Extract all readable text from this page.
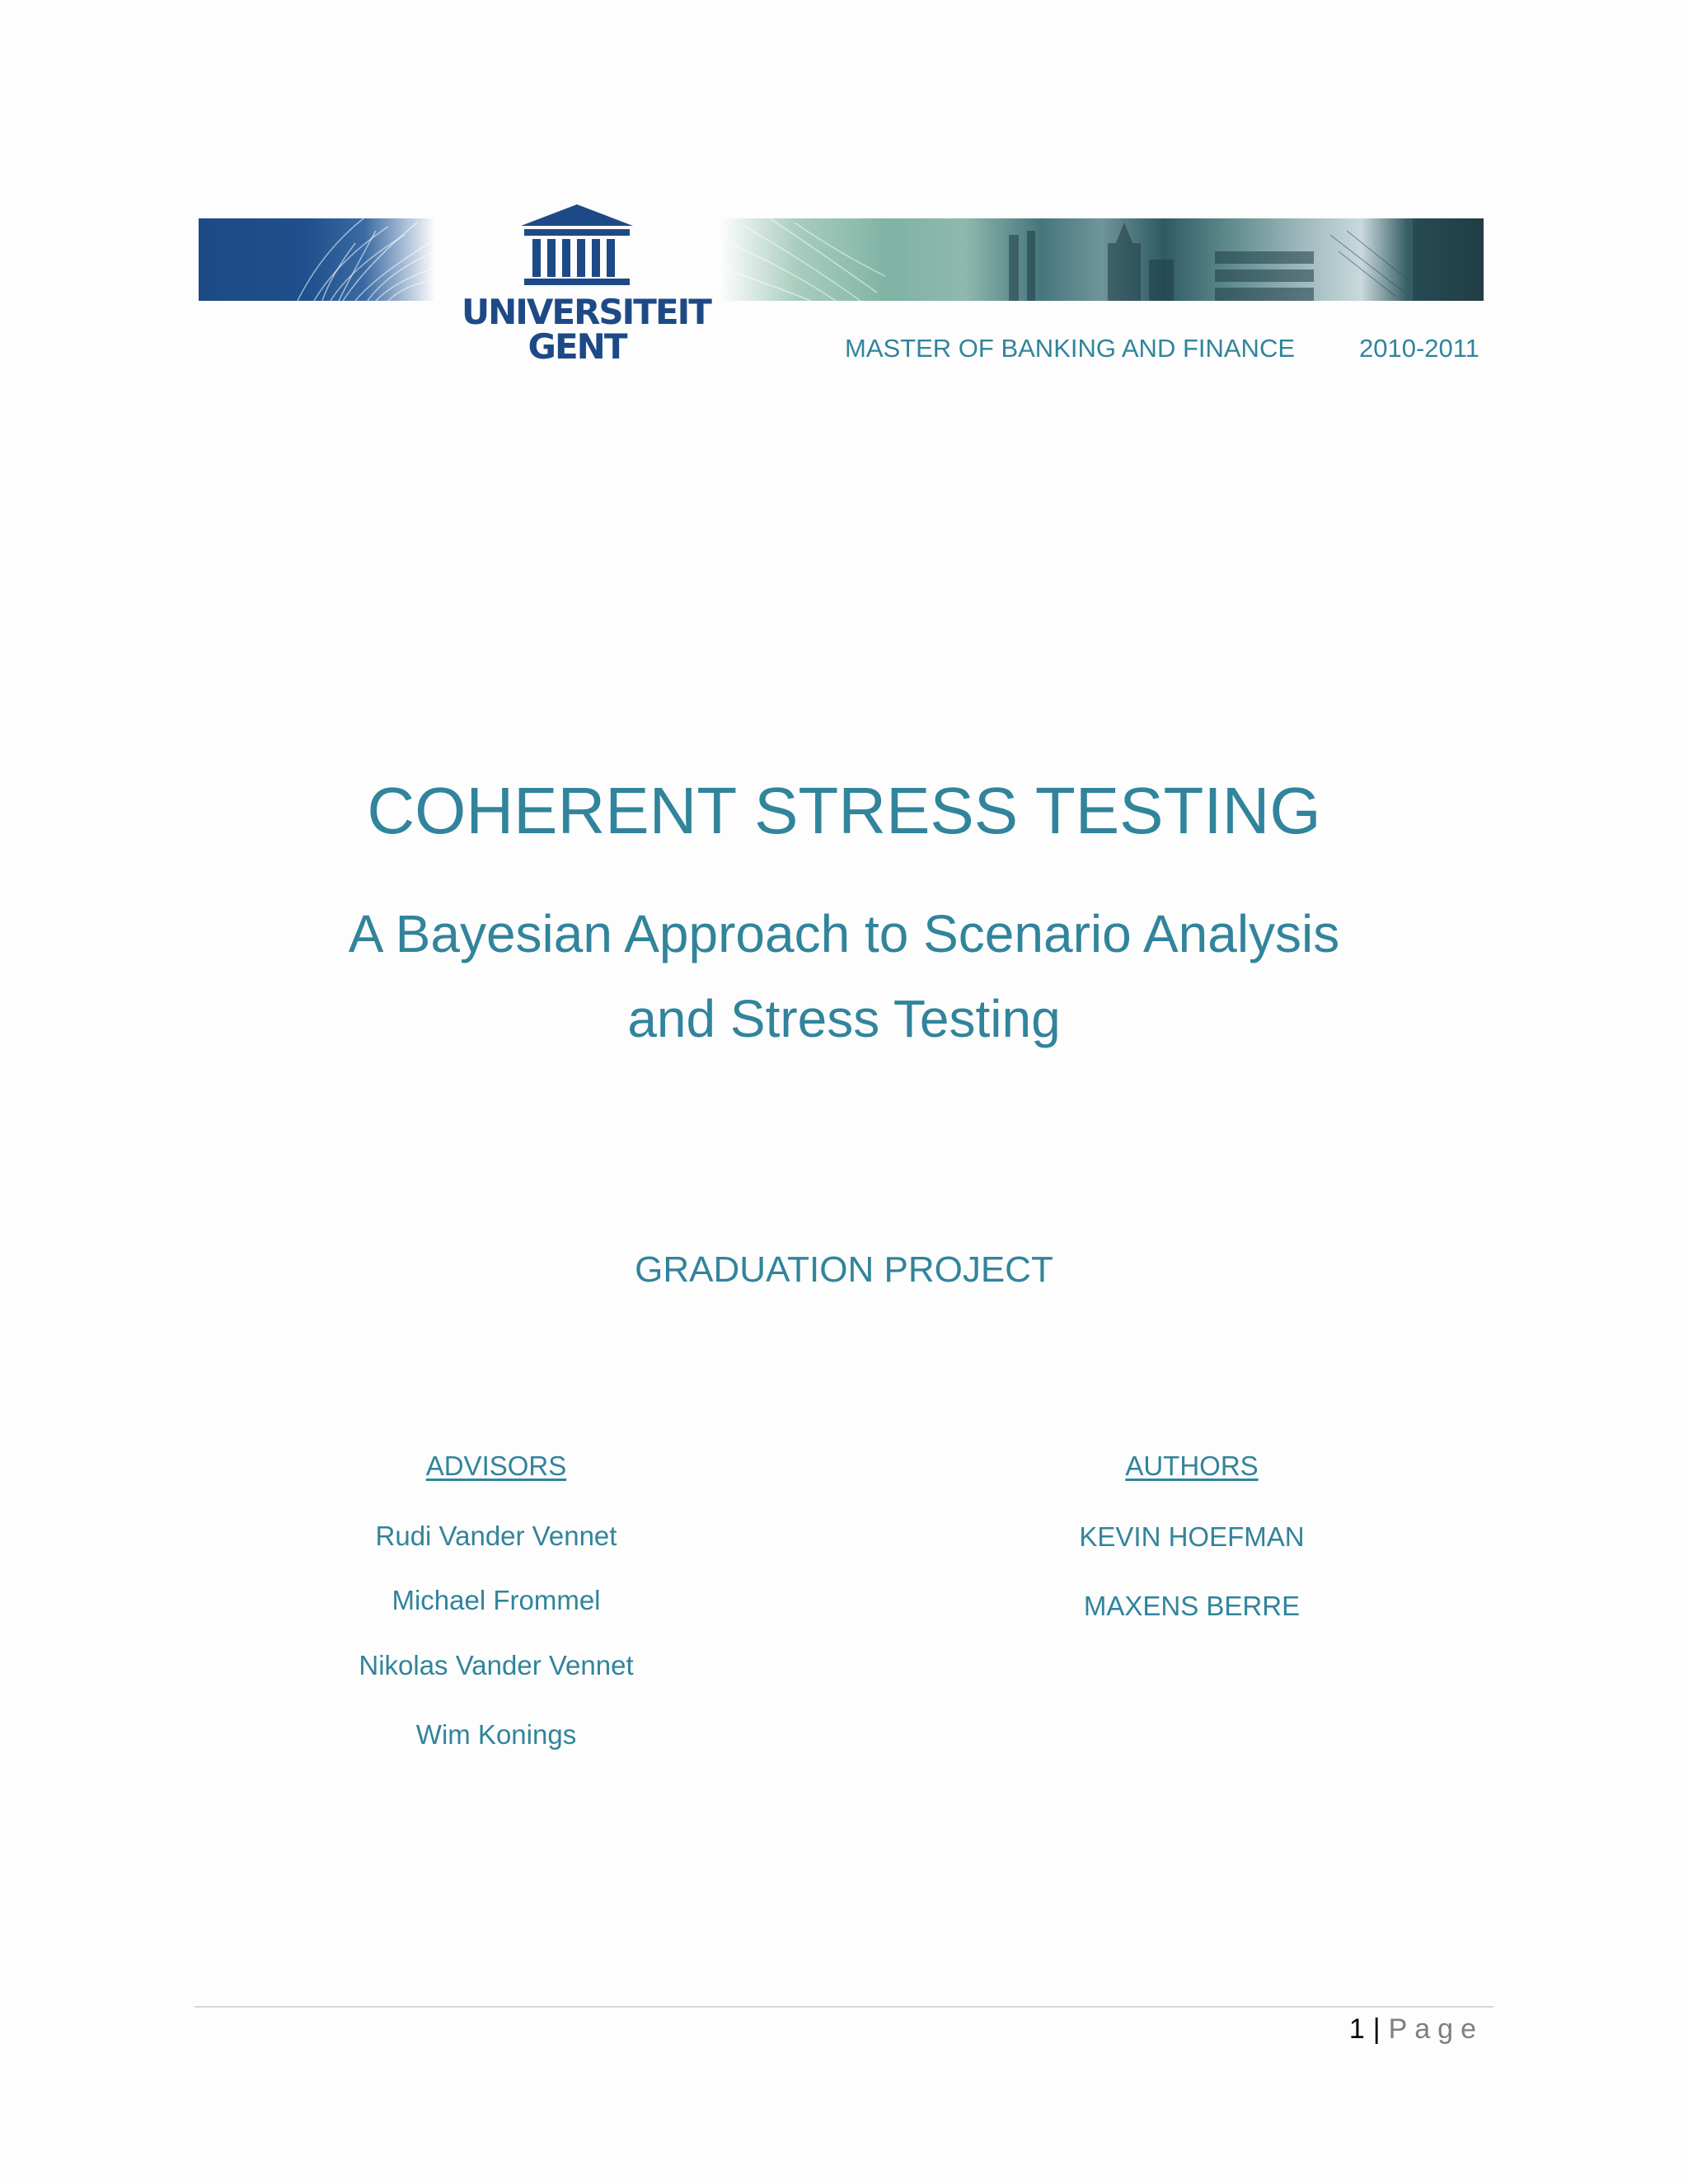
UNIVERSITEIT
GENT	MASTER OF BANKING AND FINANCE	2010-2011
COHERENT STRESS TESTING
A Bayesian Approach to Scenario Analysis
and Stress Testing
GRADUATION PROJECT
ADVISORS
Rudi Vander Vennet
Michael Frommel
Nikolas Vander Vennet
Wim Konings
AUTHORS
KEVIN HOEFMAN
MAXENS BERRE
1 | Page
